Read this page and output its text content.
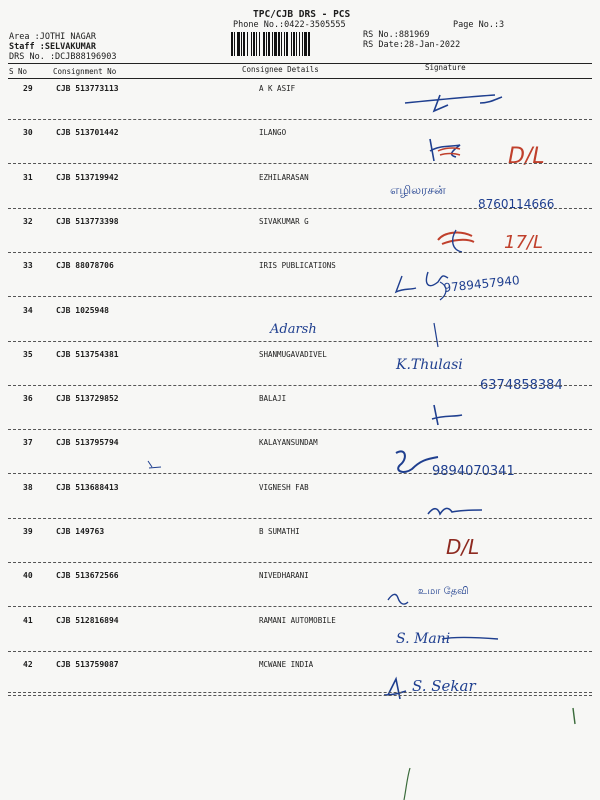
TPC/CJB DRS - PCS
Phone No.:0422-3505555
Area :JOTHI NAGAR
Staff :SELVAKUMAR
DRS No. :DCJB88196903
RS No.:881969
RS Date:28-Jan-2022
Page No.:3
S No	Consignment No	Consignee Details	Signature
29	CJB 513773113	A K ASIF
30	CJB 513701442	ILANGO
D/L
31	CJB 513719942	EZHILARASAN
எழிலரசன்
8760114666
32	CJB 513773398	SIVAKUMAR G
17/L
33	CJB 88078706	IRIS PUBLICATIONS
9789457940
34	CJB 1025948
Adarsh
35	CJB 513754381	SHANMUGAVADIVEL
K.Thulasi
6374858384
36	CJB 513729852	BALAJI
37	CJB 513795794	KALAYANSUNDAM
9894070341
38	CJB 513688413	VIGNESH FAB
39	CJB 149763	B SUMATHI
D/L
40	CJB 513672566	NIVEDHARANI
உமா தேவி
41	CJB 512816894	RAMANI AUTOMOBILE
S. Mani
42	CJB 513759087	MCWANE INDIA
S. Sekar
